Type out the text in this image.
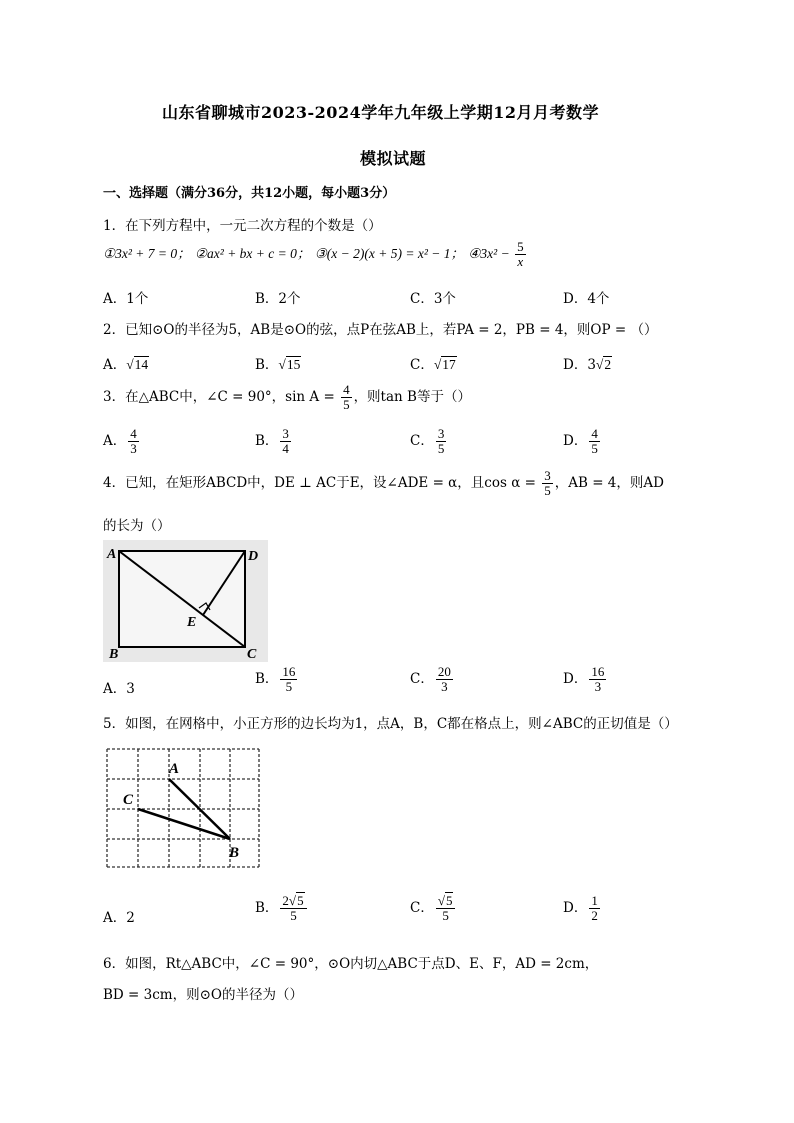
山东省聊城市2023-2024学年九年级上学期12月月考数学
模拟试题
一、选择题（满分36分，共12小题，每小题3分）
1．在下列方程中，一元二次方程的个数是（）
①3x² + 7 = 0； ②ax² + bx + c = 0； ③(x − 2)(x + 5) = x² − 1； ④3x² − $\frac{5}{x}$
A．1个	B．2个	C．3个	D．4个
2．已知⊙O的半径为5，AB是⊙O的弦，点P在弦AB上，若PA = 2，PB = 4，则OP = （）
A．√14	B．√15	C．√17	D．3√2
3．在△ABC中，∠C = 90°，$\sin A = \frac{4}{5}$ ，则tan B等于（）
A． $\frac{4}{3}$	B． $\frac{3}{4}$	C． $\frac{3}{5}$	D． $\frac{4}{5}$
4．已知，在矩形ABCD中，DE ⊥ AC于E，设∠ADE = α，且$\cos \alpha = \frac{3}{5}$ ，AB = 4，则AD
的长为（）
A	D
E
B	C
A．3
B． $\frac{16}{5}$	C． $\frac{20}{3}$	D． $\frac{16}{3}$
5．如图，在网格中，小正方形的边长均为1，点A，B，C都在格点上，则∠ABC的正切值是（）
A
C
B
A．2
B． $\frac{2√5}{5}$	C． $\frac{√5}{5}$	D． $\frac{1}{2}$
6．如图，Rt△ABC中，∠C = 90°，⊙O内切△ABC于点D、E、F，AD = 2cm，
BD = 3cm，则⊙O的半径为（）
